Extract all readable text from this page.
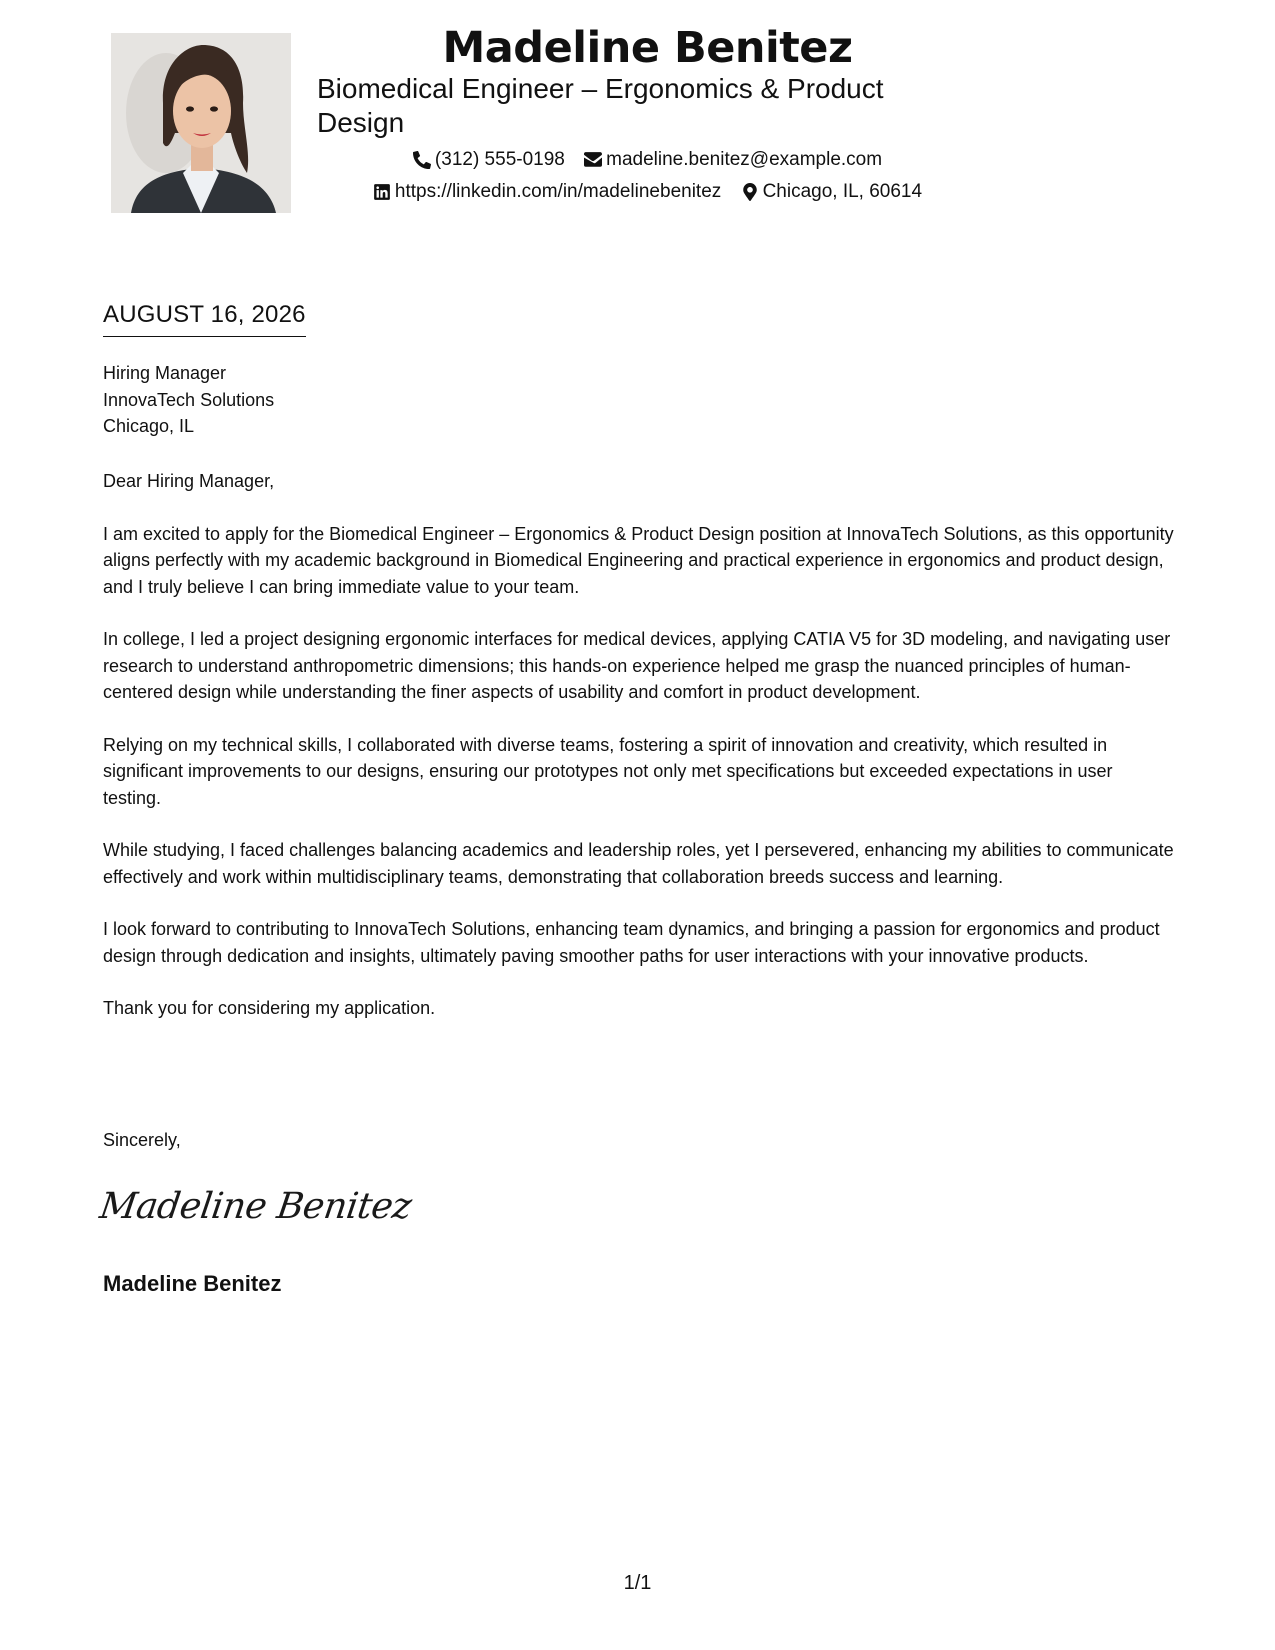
Madeline Benitez
Biomedical Engineer – Ergonomics & Product Design
(312) 555-0198
madeline.benitez@example.com
https://linkedin.com/in/madelinebenitez
Chicago, IL, 60614
AUGUST 16, 2026
Hiring Manager
InnovaTech Solutions
Chicago, IL

Dear Hiring Manager,

I am excited to apply for the Biomedical Engineer – Ergonomics & Product Design position at InnovaTech Solutions, as this opportunity aligns perfectly with my academic background in Biomedical Engineering and practical experience in ergonomics and product design, and I truly believe I can bring immediate value to your team.

In college, I led a project designing ergonomic interfaces for medical devices, applying CATIA V5 for 3D modeling, and navigating user research to understand anthropometric dimensions; this hands-on experience helped me grasp the nuanced principles of human-centered design while understanding the finer aspects of usability and comfort in product development.

Relying on my technical skills, I collaborated with diverse teams, fostering a spirit of innovation and creativity, which resulted in significant improvements to our designs, ensuring our prototypes not only met specifications but exceeded expectations in user testing.

While studying, I faced challenges balancing academics and leadership roles, yet I persevered, enhancing my abilities to communicate effectively and work within multidisciplinary teams, demonstrating that collaboration breeds success and learning.

I look forward to contributing to InnovaTech Solutions, enhancing team dynamics, and bringing a passion for ergonomics and product design through dedication and insights, ultimately paving smoother paths for user interactions with your innovative products.

Thank you for considering my application.

Sincerely,
Madeline Benitez
Madeline Benitez
1/1
